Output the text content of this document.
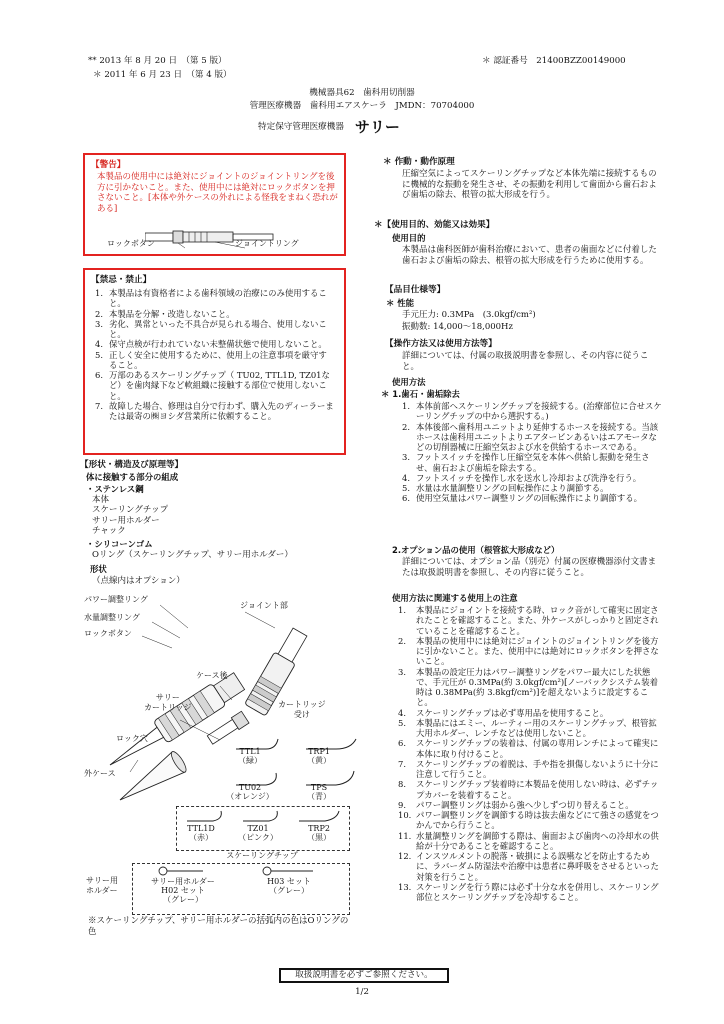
** 2013 年 8 月 20 日　（第 5 版）
＊ 2011 年 6 月 23 日　（第 4 版）
＊ 認証番号　21400BZZ00149000
機械器具62　歯科用切削器
管理医療機器　歯科用エアスケーラ　JMDN：70704000
特定保守管理医療機器 サリー
【警告】
本製品の使用中には絶対にジョイントのジョイントリングを後方に引かないこと。また、使用中には絶対にロックボタンを押さないこと。[本体や外ケースの外れによる怪我をまねく恐れがある]
ロックボタン	ジョイントリング
【禁忌・禁止】
1. 本製品は有資格者による歯科領域の治療にのみ使用すること。
2. 本製品を分解・改造しないこと。
3. 劣化、異常といった不具合が見られる場合、使用しないこと。
4. 保守点検が行われていない未整備状態で使用しないこと。
5. 正しく安全に使用するために、使用上の注意事項を厳守すること。
6. 万部のあるスケーリングチップ（ TU02, TTL1D, TZ01など）を歯肉縁下など軟組織に接触する部位で使用しないこと。
7. 故障した場合、修理は自分で行わず、購入先のディーラーまたは最寄の㈱ヨシダ営業所に依頼すること。
【形状・構造及び原理等】
体に接触する部分の組成
・ステンレス鋼
本体
スケーリングチップ
サリー用ホルダー
チャック
・シリコーンゴム
Oリング（スケーリングチップ、サリー用ホルダー）
形状
（点線内はオプション）
パワー調整リング
水量調整リング
ロックボタン
ジョイント部
ケース後
サリー
カートリッジ	カートリッジ
受け
ロック穴
外ケース
TTL1
（緑）
TRP1
（黄）
TU02
（オレンジ）
TPS
（青）
TTL1D
（赤）
TZ01
（ピンク）
TRP2
（黒）
スケーリングチップ
サリー用
ホルダー
サリー用ホルダー
H02 セット
（グレー）
H03 セット
（グレー）
※スケーリングチップ、サリー用ホルダーの括弧内の色はOリングの色
＊ 作動・動作原理
圧縮空気によってスケーリングチップなど本体先端に接続するものに機械的な振動を発生させ、その振動を利用して歯面から歯石および歯垢の除去、根管の拡大形成を行う。
＊【使用目的、効能又は効果】
使用目的
本製品は歯科医師が歯科治療において、患者の歯面などに付着した歯石および歯垢の除去、根管の拡大形成を行うために使用する。
【品目仕様等】
＊ 性能
手元圧力: 0.3MPa　(3.0kgf/cm²)
振動数: 14,000～18,000Hz
【操作方法又は使用方法等】
詳細については、付属の取扱説明書を参照し、その内容に従うこと。
使用方法
＊ 1.歯石・歯垢除去
1. 本体前部へスケーリングチップを接続する。(治療部位に合せスケーリングチップの中から選択する。)
2. 本体後部へ歯科用ユニットより延伸するホースを接続する。当該ホースは歯科用ユニットよりエアタービンあるいはエアモータなどの切削器械に圧縮空気および水を供給するホースである。
3. フットスイッチを操作し圧縮空気を本体へ供給し振動を発生させ、歯石および歯垢を除去する。
4. フットスイッチを操作し水を送水し冷却および洗浄を行う。
5. 水量は水量調整リングの回転操作により調節する。
6. 使用空気量はパワー調整リングの回転操作により調節する。
2.オプション品の使用（根管拡大形成など）
詳細については、オプション品（別売）付属の医療機器添付文書または取扱説明書を参照し、その内容に従うこと。
使用方法に関連する使用上の注意
1. 本製品にジョイントを接続する時、ロック音がして確実に固定されたことを確認すること。また、外ケースがしっかりと固定されていることを確認すること。
2. 本製品の使用中には絶対にジョイントのジョイントリングを後方に引かないこと。また、使用中には絶対にロックボタンを押さないこと。
3. 本製品の設定圧力はパワー調整リングをパワー最大にした状態で、手元圧が 0.3MPa(約 3.0kgf/cm²)[ノーバックシステム装着時は 0.38MPa(約 3.8kgf/cm²)]を超えないように設定すること。
4. スケーリングチップは必ず専用品を使用すること。
5. 本製品にはエミー、ルーティー用のスケーリングチップ、根管拡大用ホルダー、レンチなどは使用しないこと。
6. スケーリングチップの装着は、付属の専用レンチによって確実に本体に取り付けること。
7. スケーリングチップの着脱は、手や指を損傷しないように十分に注意して行うこと。
8. スケーリングチップ装着時に本製品を使用しない時は、必ずチップカバーを装着すること。
9. パワー調整リングは弱から強へ少しずつ切り替えること。
10. パワー調整リングを調節する時は抜去歯などにて強さの感覚をつかんでから行うこと。
11. 水量調整リングを調節する際は、歯面および歯肉への冷却水の供給が十分であることを確認すること。
12. インスツルメントの脱落・破損による誤嚥などを防止するために、ラバーダム防湿法や治療中は患者に鼻呼吸をさせるといった対策を行うこと。
13. スケーリングを行う際には必ず十分な水を併用し、スケーリング部位とスケーリングチップを冷却すること。
取扱説明書を必ずご参照ください。
1/2
